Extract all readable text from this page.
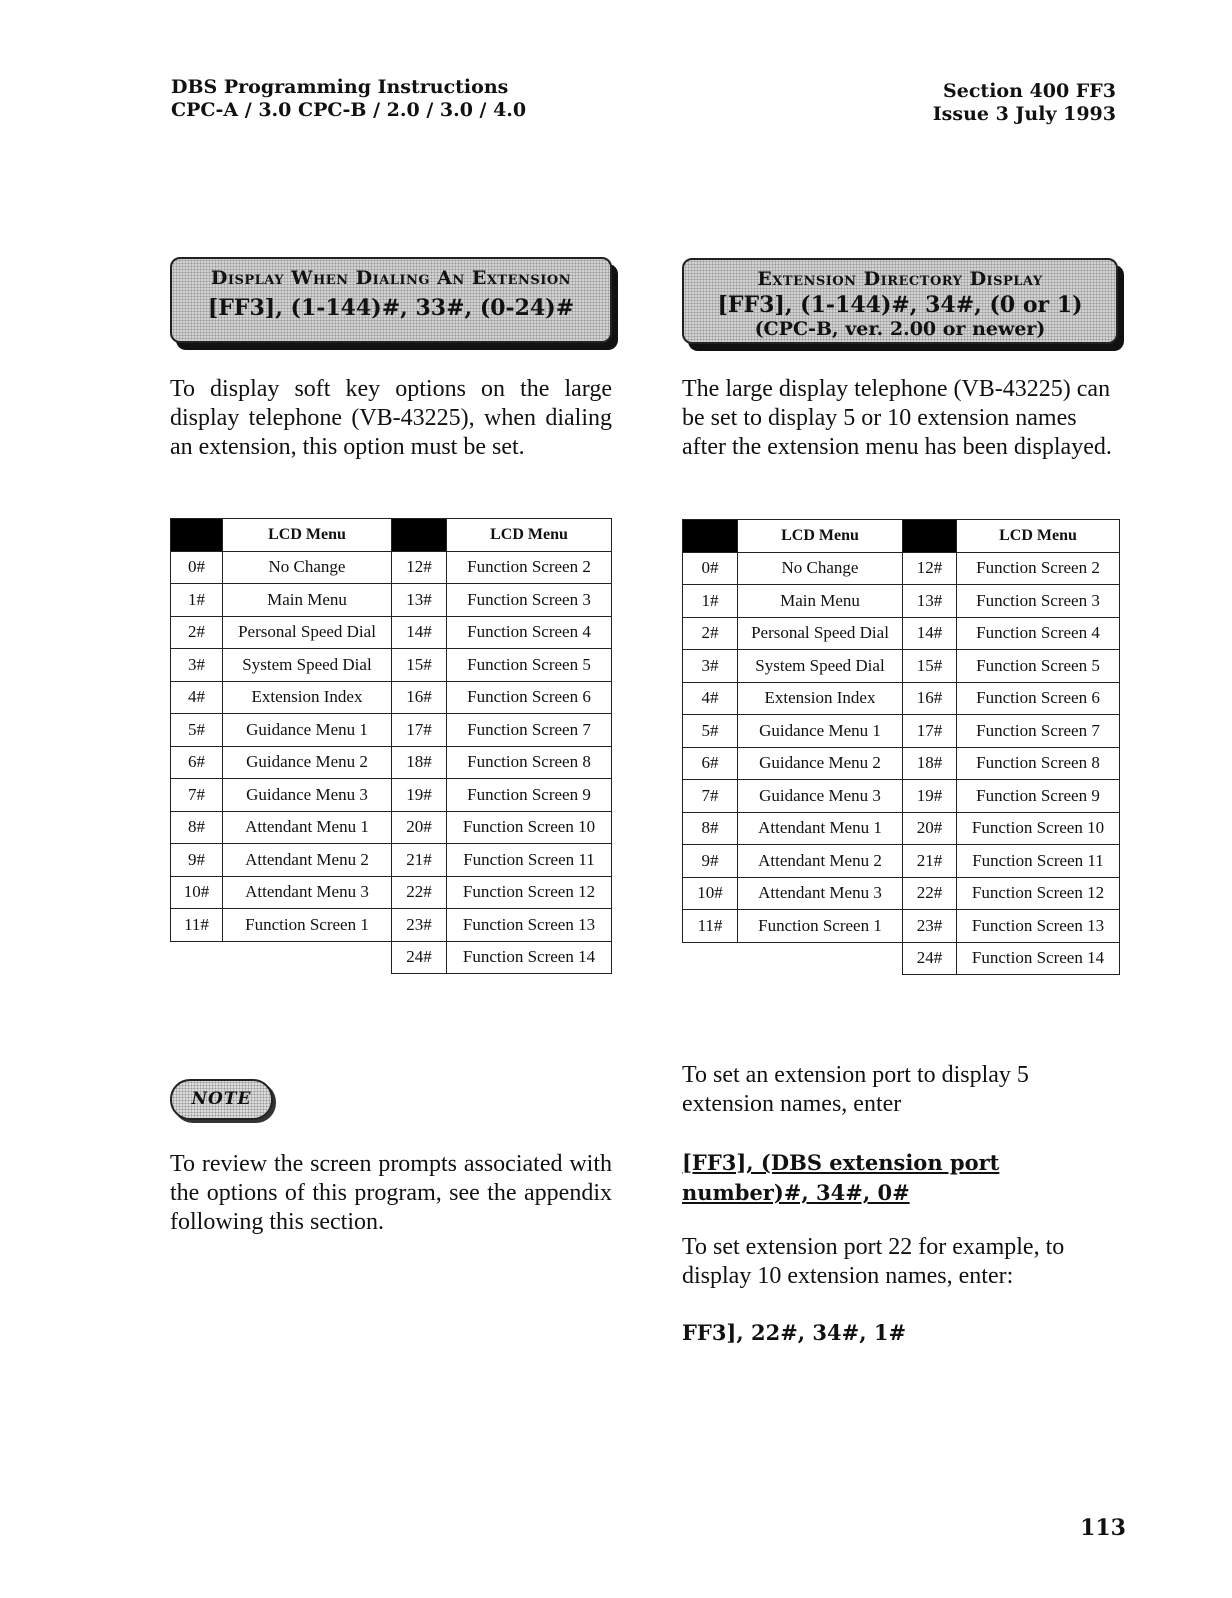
DBS Programming Instructions
CPC-A / 3.0 CPC-B / 2.0 / 3.0 / 4.0
Section 400 FF3
Issue 3 July 1993
Display When Dialing An Extension
[FF3], (1-144)#, 33#, (0-24)#
Extension Directory Display
[FF3], (1-144)#, 34#, (0 or 1)
(CPC-B, ver. 2.00 or newer)
To display soft key options on the large display telephone (VB-43225), when dialing an extension, this option must be set.
The large display telephone (VB-43225) can be set to display 5 or 10 extension names after the extension menu has been displayed.
	LCD Menu		LCD Menu
0#	No Change	12#	Function Screen 2
1#	Main Menu	13#	Function Screen 3
2#	Personal Speed Dial	14#	Function Screen 4
3#	System Speed Dial	15#	Function Screen 5
4#	Extension Index	16#	Function Screen 6
5#	Guidance Menu 1	17#	Function Screen 7
6#	Guidance Menu 2	18#	Function Screen 8
7#	Guidance Menu 3	19#	Function Screen 9
8#	Attendant Menu 1	20#	Function Screen 10
9#	Attendant Menu 2	21#	Function Screen 11
10#	Attendant Menu 3	22#	Function Screen 12
11#	Function Screen 1	23#	Function Screen 13
		24#	Function Screen 14
	LCD Menu		LCD Menu
0#	No Change	12#	Function Screen 2
1#	Main Menu	13#	Function Screen 3
2#	Personal Speed Dial	14#	Function Screen 4
3#	System Speed Dial	15#	Function Screen 5
4#	Extension Index	16#	Function Screen 6
5#	Guidance Menu 1	17#	Function Screen 7
6#	Guidance Menu 2	18#	Function Screen 8
7#	Guidance Menu 3	19#	Function Screen 9
8#	Attendant Menu 1	20#	Function Screen 10
9#	Attendant Menu 2	21#	Function Screen 11
10#	Attendant Menu 3	22#	Function Screen 12
11#	Function Screen 1	23#	Function Screen 13
		24#	Function Screen 14
NOTE
To review the screen prompts associated with the options of this program, see the appendix following this section.
To set an extension port to display 5 extension names, enter
[FF3], (DBS extension port number)#, 34#, 0#
To set extension port 22 for example, to display 10 extension names, enter:
FF3], 22#, 34#, 1#
113
